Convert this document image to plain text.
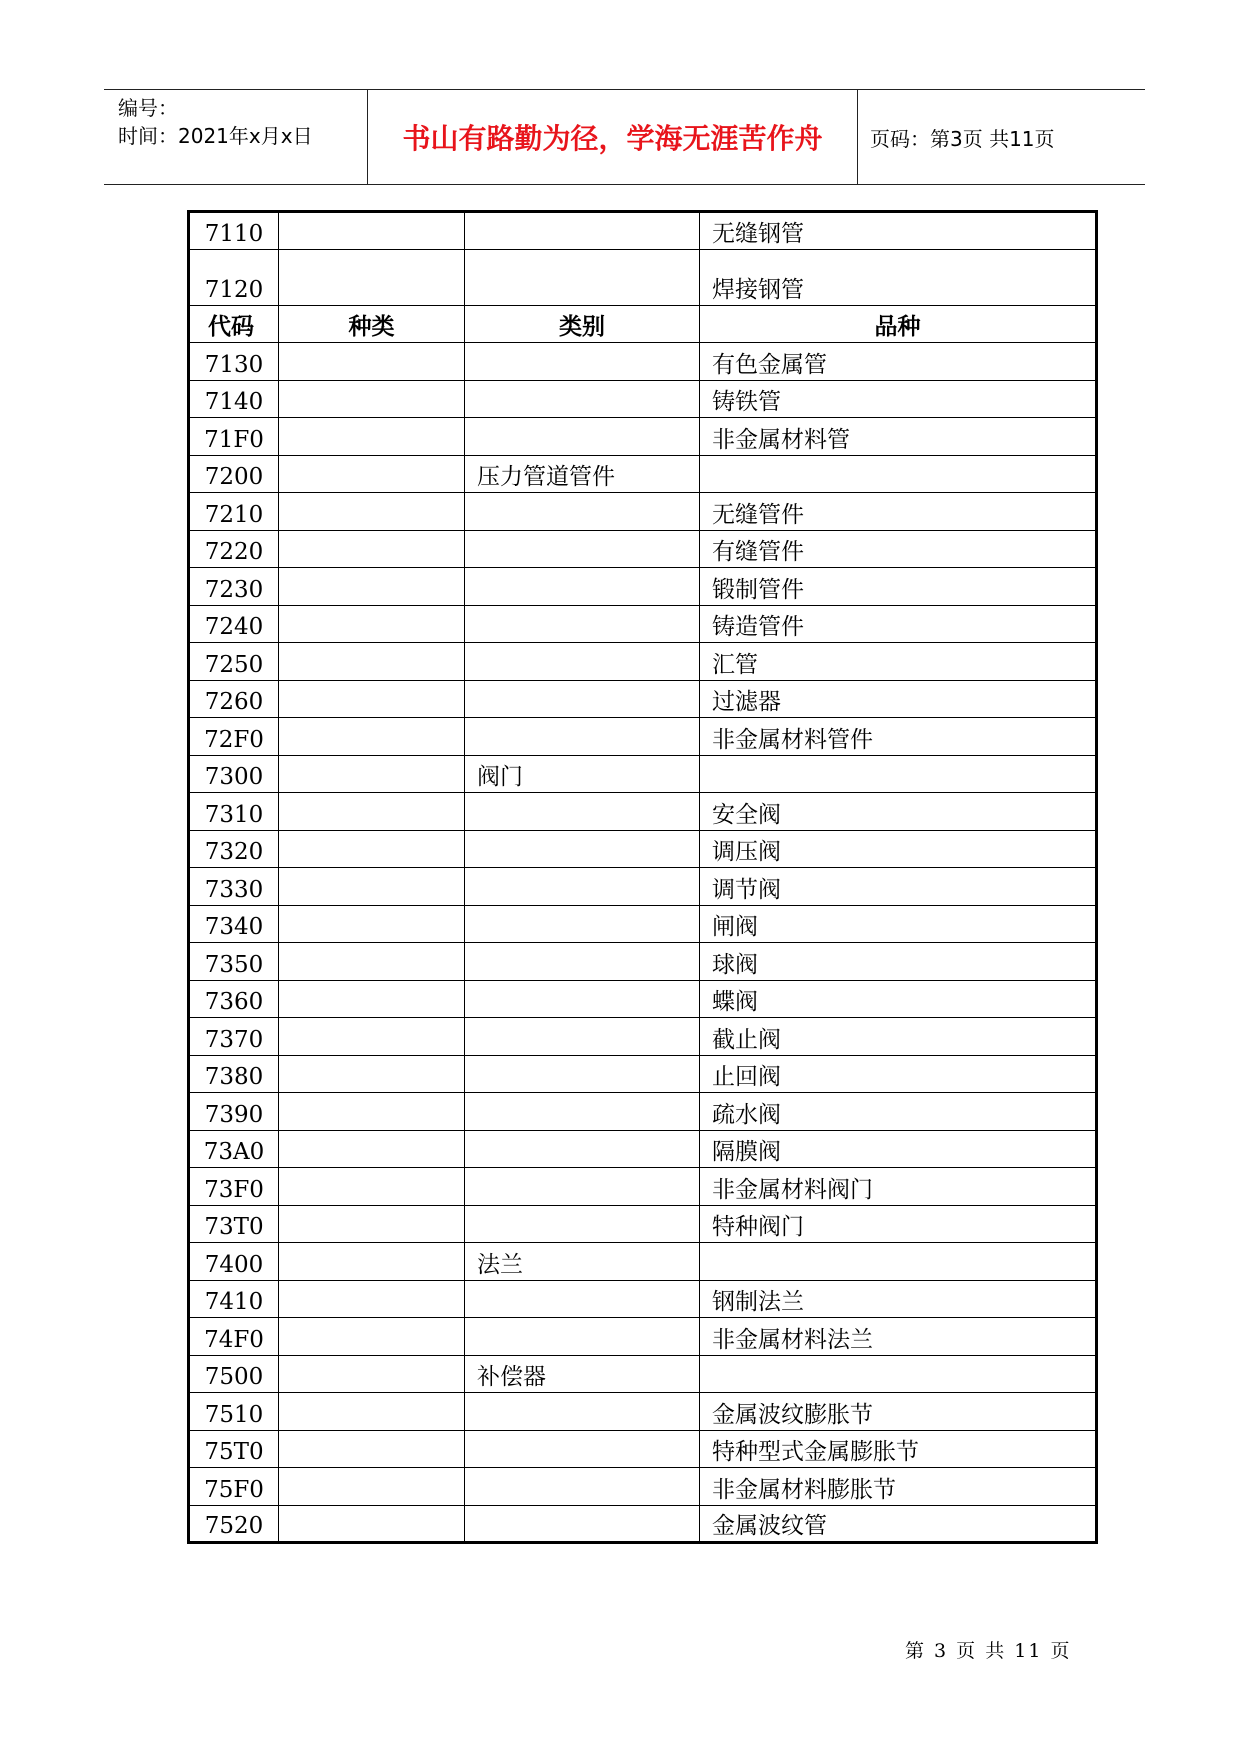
编号：
时间：2021年x月x日	书山有路勤为径，学海无涯苦作舟	页码：第3页 共11页
7110			无缝钢管
7120			焊接钢管
代码	种类	类别	品种
7130			有色金属管
7140			铸铁管
71F0			非金属材料管
7200		压力管道管件	
7210			无缝管件
7220			有缝管件
7230			锻制管件
7240			铸造管件
7250			汇管
7260			过滤器
72F0			非金属材料管件
7300		阀门	
7310			安全阀
7320			调压阀
7330			调节阀
7340			闸阀
7350			球阀
7360			蝶阀
7370			截止阀
7380			止回阀
7390			疏水阀
73A0			隔膜阀
73F0			非金属材料阀门
73T0			特种阀门
7400		法兰	
7410			钢制法兰
74F0			非金属材料法兰
7500		补偿器	
7510			金属波纹膨胀节
75T0			特种型式金属膨胀节
75F0			非金属材料膨胀节
7520			金属波纹管
第 3 页 共 11 页
